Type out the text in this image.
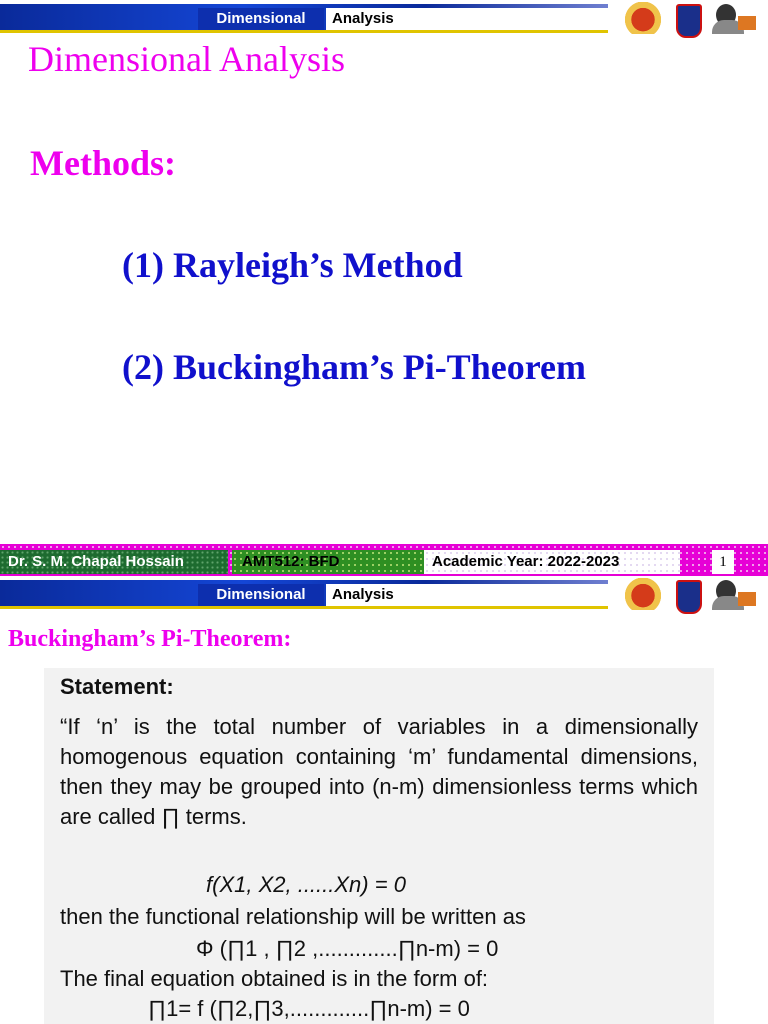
Dimensional	Analysis
Dimensional Analysis
Methods:
(1) Rayleigh’s Method
(2) Buckingham’s Pi-Theorem
Dr. S. M. Chapal Hossain	AMT512: BFD	Academic Year: 2022-2023	1
Dimensional	Analysis
Buckingham’s Pi-Theorem:
Statement:
“If ‘n’ is the total number of variables in a dimensionally homogenous equation containing ‘m’ fundamental dimensions, then they may be grouped into (n-m) dimensionless terms which are called ∏ terms.
f(X1, X2, ......Xn) = 0
then the functional relationship will be written as
Φ (∏1 , ∏2 ,.............∏n-m) = 0
The final equation obtained is in the form of:
∏1= f (∏2,∏3,.............∏n-m) = 0
